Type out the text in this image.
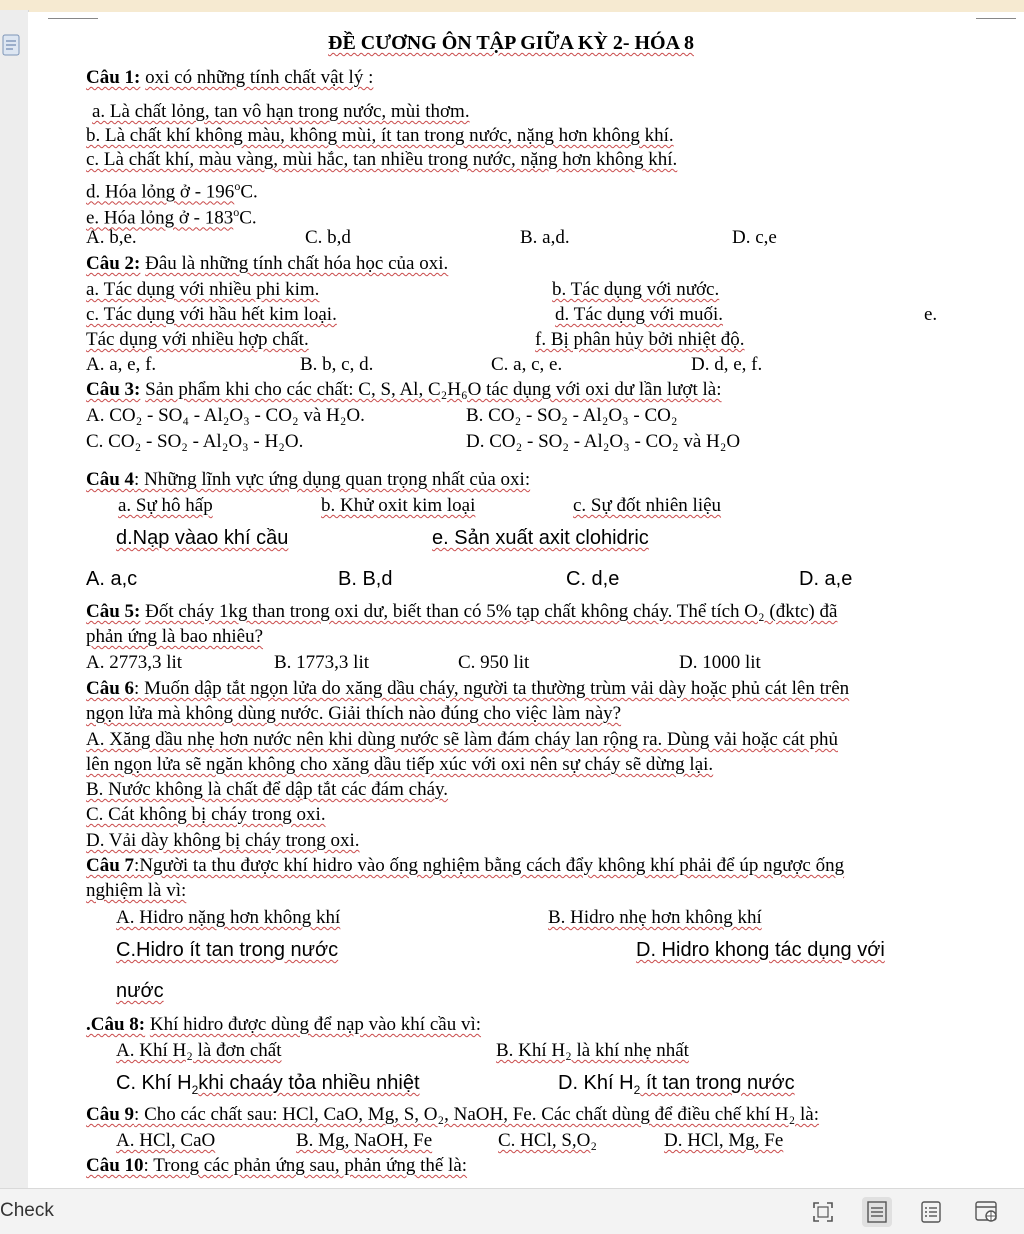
ĐỀ CƯƠNG ÔN TẬP GIỮA KỲ 2- HÓA 8
Câu 1: oxi có những tính chất vật lý :
a. Là chất lỏng, tan vô hạn trong nước, mùi thơm.
b. Là chất khí không màu, không mùi, ít tan trong nước, nặng hơn không khí.
c. Là chất khí, màu vàng, mùi hắc, tan nhiều trong nước, nặng hơn không khí.
d. Hóa lỏng ở - 196$^o$C.
e. Hóa lỏng ở - 183$^o$C.
A. b,e.	C. b,d	B. a,d.	D. c,e
Câu 2: Đâu là những tính chất hóa học của oxi.
a. Tác dụng với nhiều phi kim.	b. Tác dụng với nước.
c. Tác dụng với hầu hết kim loại.	d. Tác dụng với muối.	e.
Tác dụng với nhiều hợp chất.	f. Bị phân hủy bởi nhiệt độ.
A. a, e, f.	B. b, c, d.	C. a, c, e.	D. d, e, f.
Câu 3: Sản phẩm khi cho các chất: C, S, Al, C₂H₆O tác dụng với oxi dư lần lượt là:
A. CO₂ - SO₄ - Al₂O₃ - CO₂ và H₂O.	B. CO₂ - SO₂ - Al₂O₃ - CO₂
C. CO₂ - SO₂ - Al₂O₃ - H₂O.	D. CO₂ - SO₂ - Al₂O₃ - CO₂ và H₂O
Câu 4: Những lĩnh vực ứng dụng quan trọng nhất của oxi:
a. Sự hô hấp	b. Khử oxit kim loại	c. Sự đốt nhiên liệu
d.Nạp vàao khí cầu	e. Sản xuất axit clohidric
A. a,c	B. B,d	C. d,e	D. a,e
Câu 5: Đốt cháy 1kg than trong oxi dư, biết than có 5% tạp chất không cháy. Thể tích O₂ (đktc) đã
phản ứng là bao nhiêu?
A. 2773,3 lit	B. 1773,3 lit	C. 950 lit	D. 1000 lit
Câu 6: Muốn dập tắt ngọn lửa do xăng dầu cháy, người ta thường trùm vải dày hoặc phủ cát lên trên
ngọn lửa mà không dùng nước. Giải thích nào đúng cho việc làm này?
A. Xăng dầu nhẹ hơn nước nên khi dùng nước sẽ làm đám cháy lan rộng ra. Dùng vải hoặc cát phủ
lên ngọn lửa sẽ ngăn không cho xăng dầu tiếp xúc với oxi nên sự cháy sẽ dừng lại.
B. Nước không là chất để dập tắt các đám cháy.
C. Cát không bị cháy trong oxi.
D. Vải dày không bị cháy trong oxi.
Câu 7:Người ta thu được khí hidro vào ống nghiệm bằng cách đẩy không khí phải để úp ngược ống
nghiệm là vì:
A. Hidro nặng hơn không khí	B. Hidro nhẹ hơn không khí
C.Hidro ít tan trong nước	D. Hidro khong tác dụng với
nước
.Câu 8: Khí hidro được dùng để nạp vào khí cầu vì:
A. Khí H₂ là đơn chất	B. Khí H₂ là khí nhẹ nhất
C. Khí $H_2khi$ chaáy tỏa nhiều nhiệt	D. Khí $H_2$ ít tan trong nước
Câu 9: Cho các chất sau: HCl, CaO, Mg, S, O₂, NaOH, Fe. Các chất dùng để điều chế khí H₂ là:
A. HCl, CaO	B. Mg, NaOH, Fe	C. HCl, S,O₂	D. HCl, Mg, Fe
Câu 10: Trong các phản ứng sau, phản ứng thế là:
Check
